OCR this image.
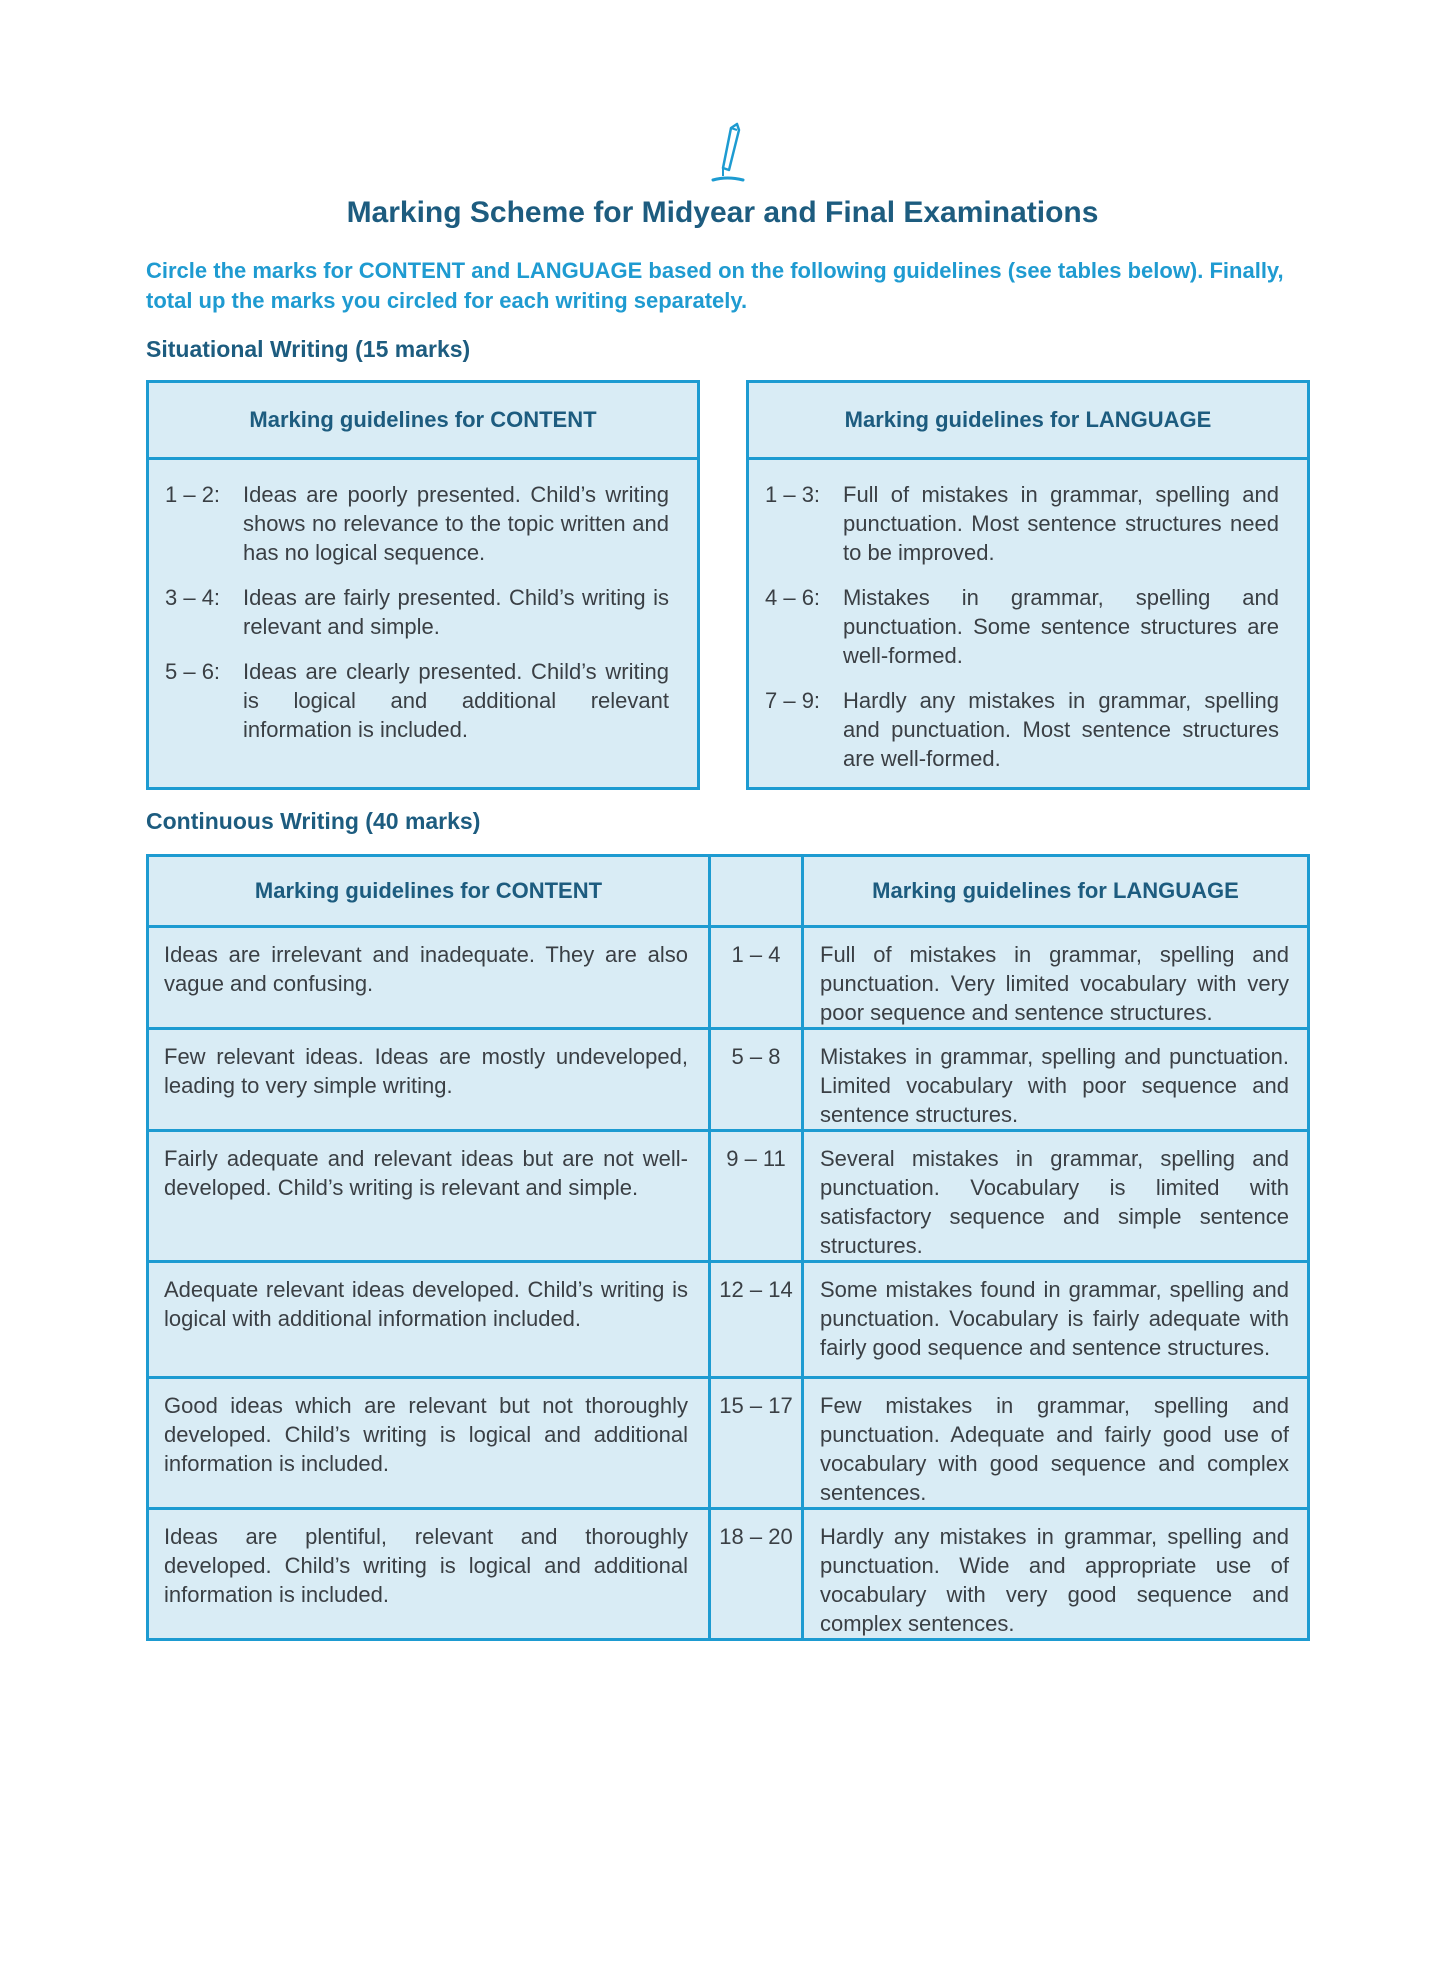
Marking Scheme for Midyear and Final Examinations
Circle the marks for CONTENT and LANGUAGE based on the following guidelines (see tables below). Finally, total up the marks you circled for each writing separately.
Situational Writing (15 marks)
Marking guidelines for CONTENT
1 – 2:	Ideas are poorly presented. Child’s writing shows no relevance to the topic written and has no logical sequence.
3 – 4:	Ideas are fairly presented. Child’s writing is relevant and simple.
5 – 6:	Ideas are clearly presented. Child’s writing is logical and additional relevant information is included.
Marking guidelines for LANGUAGE
1 – 3:	Full of mistakes in grammar, spelling and punctuation. Most sentence structures need to be improved.
4 – 6:	Mistakes in grammar, spelling and punctuation. Some sentence structures are well-formed.
7 – 9:	Hardly any mistakes in grammar, spelling and punctuation. Most sentence structures are well-formed.
Continuous Writing (40 marks)
Marking guidelines for CONTENT		Marking guidelines for LANGUAGE
Ideas are irrelevant and inadequate. They are also vague and confusing.	1 – 4	Full of mistakes in grammar, spelling and punctuation. Very limited vocabulary with very poor sequence and sentence structures.
Few relevant ideas. Ideas are mostly undeveloped, leading to very simple writing.	5 – 8	Mistakes in grammar, spelling and punctuation. Limited vocabulary with poor sequence and sentence structures.
Fairly adequate and relevant ideas but are not well-developed. Child’s writing is relevant and simple.	9 – 11	Several mistakes in grammar, spelling and punctuation. Vocabulary is limited with satisfactory sequence and simple sentence structures.
Adequate relevant ideas developed. Child’s writing is logical with additional information included.	12 – 14	Some mistakes found in grammar, spelling and punctuation. Vocabulary is fairly adequate with fairly good sequence and sentence structures.
Good ideas which are relevant but not thoroughly developed. Child’s writing is logical and additional information is included.	15 – 17	Few mistakes in grammar, spelling and punctuation. Adequate and fairly good use of vocabulary with good sequence and complex sentences.
Ideas are plentiful, relevant and thoroughly developed. Child’s writing is logical and additional information is included.	18 – 20	Hardly any mistakes in grammar, spelling and punctuation. Wide and appropriate use of vocabulary with very good sequence and complex sentences.
